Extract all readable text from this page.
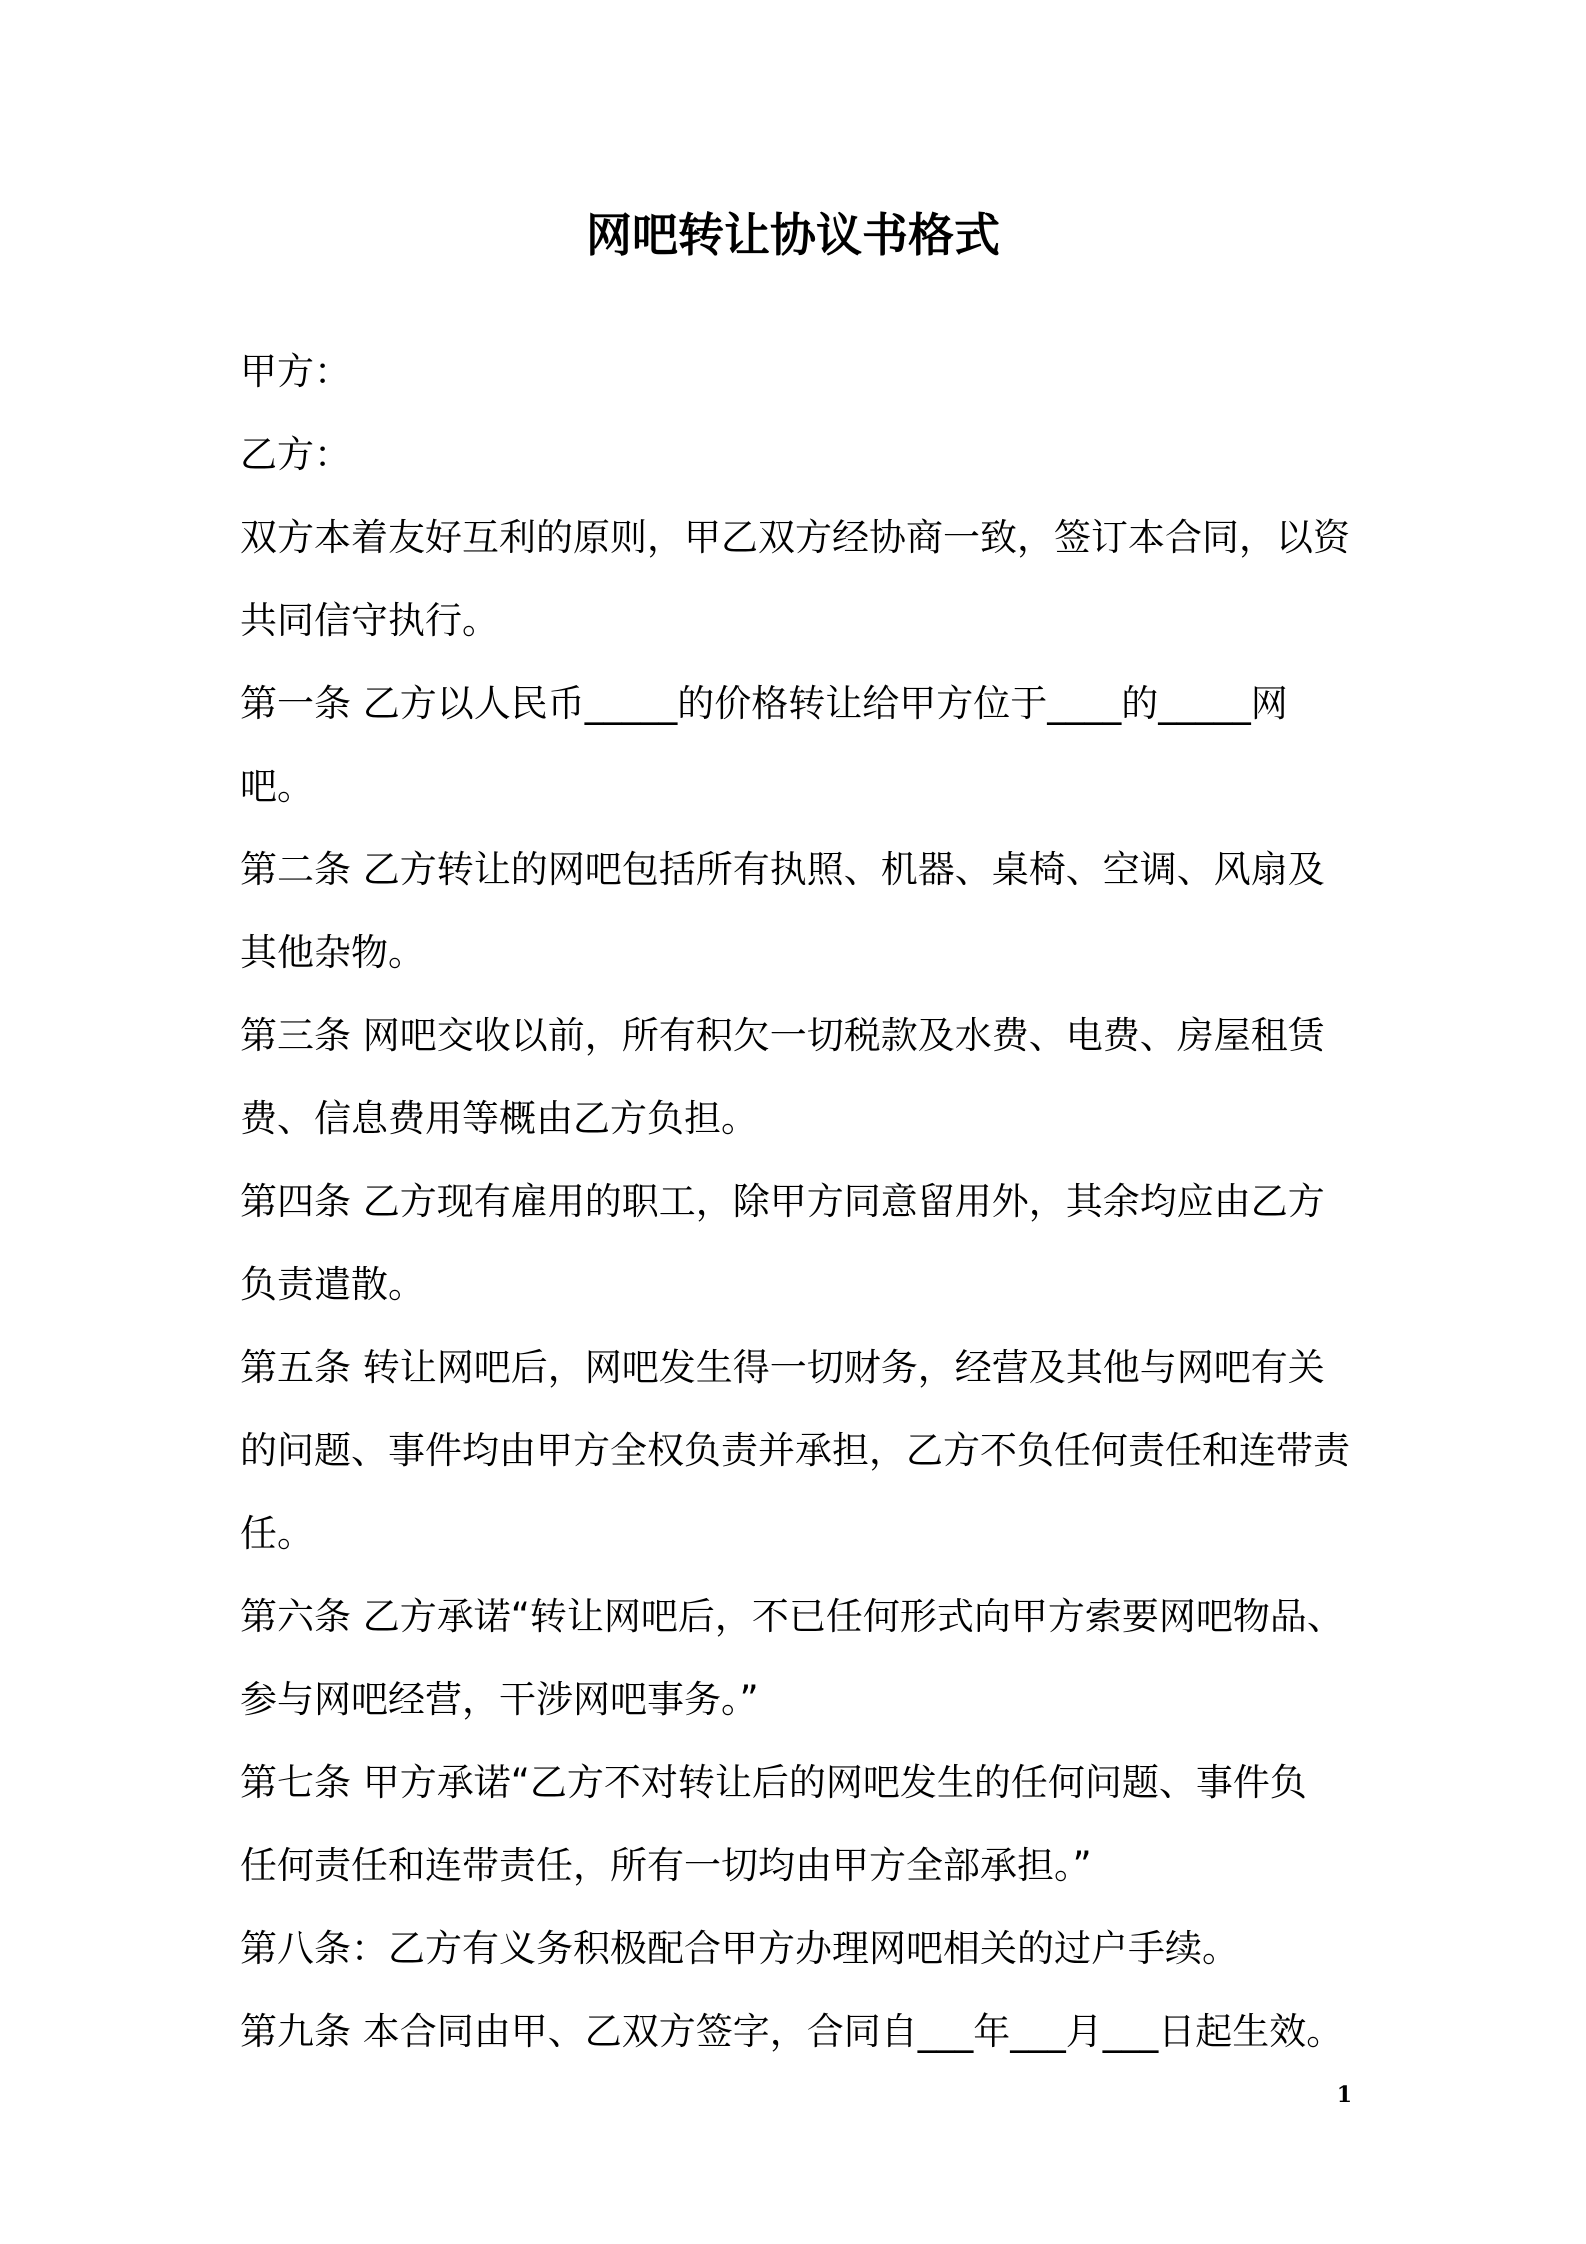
网吧转让协议书格式
甲方：
乙方：
双方本着友好互利的原则，甲乙双方经协商一致，签订本合同，以资
共同信守执行。
第一条 乙方以人民币_____的价格转让给甲方位于____的_____网
吧。
第二条 乙方转让的网吧包括所有执照、机器、桌椅、空调、风扇及
其他杂物。
第三条 网吧交收以前，所有积欠一切税款及水费、电费、房屋租赁
费、信息费用等概由乙方负担。
第四条 乙方现有雇用的职工，除甲方同意留用外，其余均应由乙方
负责遣散。
第五条 转让网吧后，网吧发生得一切财务，经营及其他与网吧有关
的问题、事件均由甲方全权负责并承担，乙方不负任何责任和连带责
任。
第六条 乙方承诺“转让网吧后，不已任何形式向甲方索要网吧物品、
参与网吧经营，干涉网吧事务。”
第七条 甲方承诺“乙方不对转让后的网吧发生的任何问题、事件负
任何责任和连带责任，所有一切均由甲方全部承担。”
第八条：乙方有义务积极配合甲方办理网吧相关的过户手续。
第九条 本合同由甲、乙双方签字，合同自___年___月___日起生效。
1
